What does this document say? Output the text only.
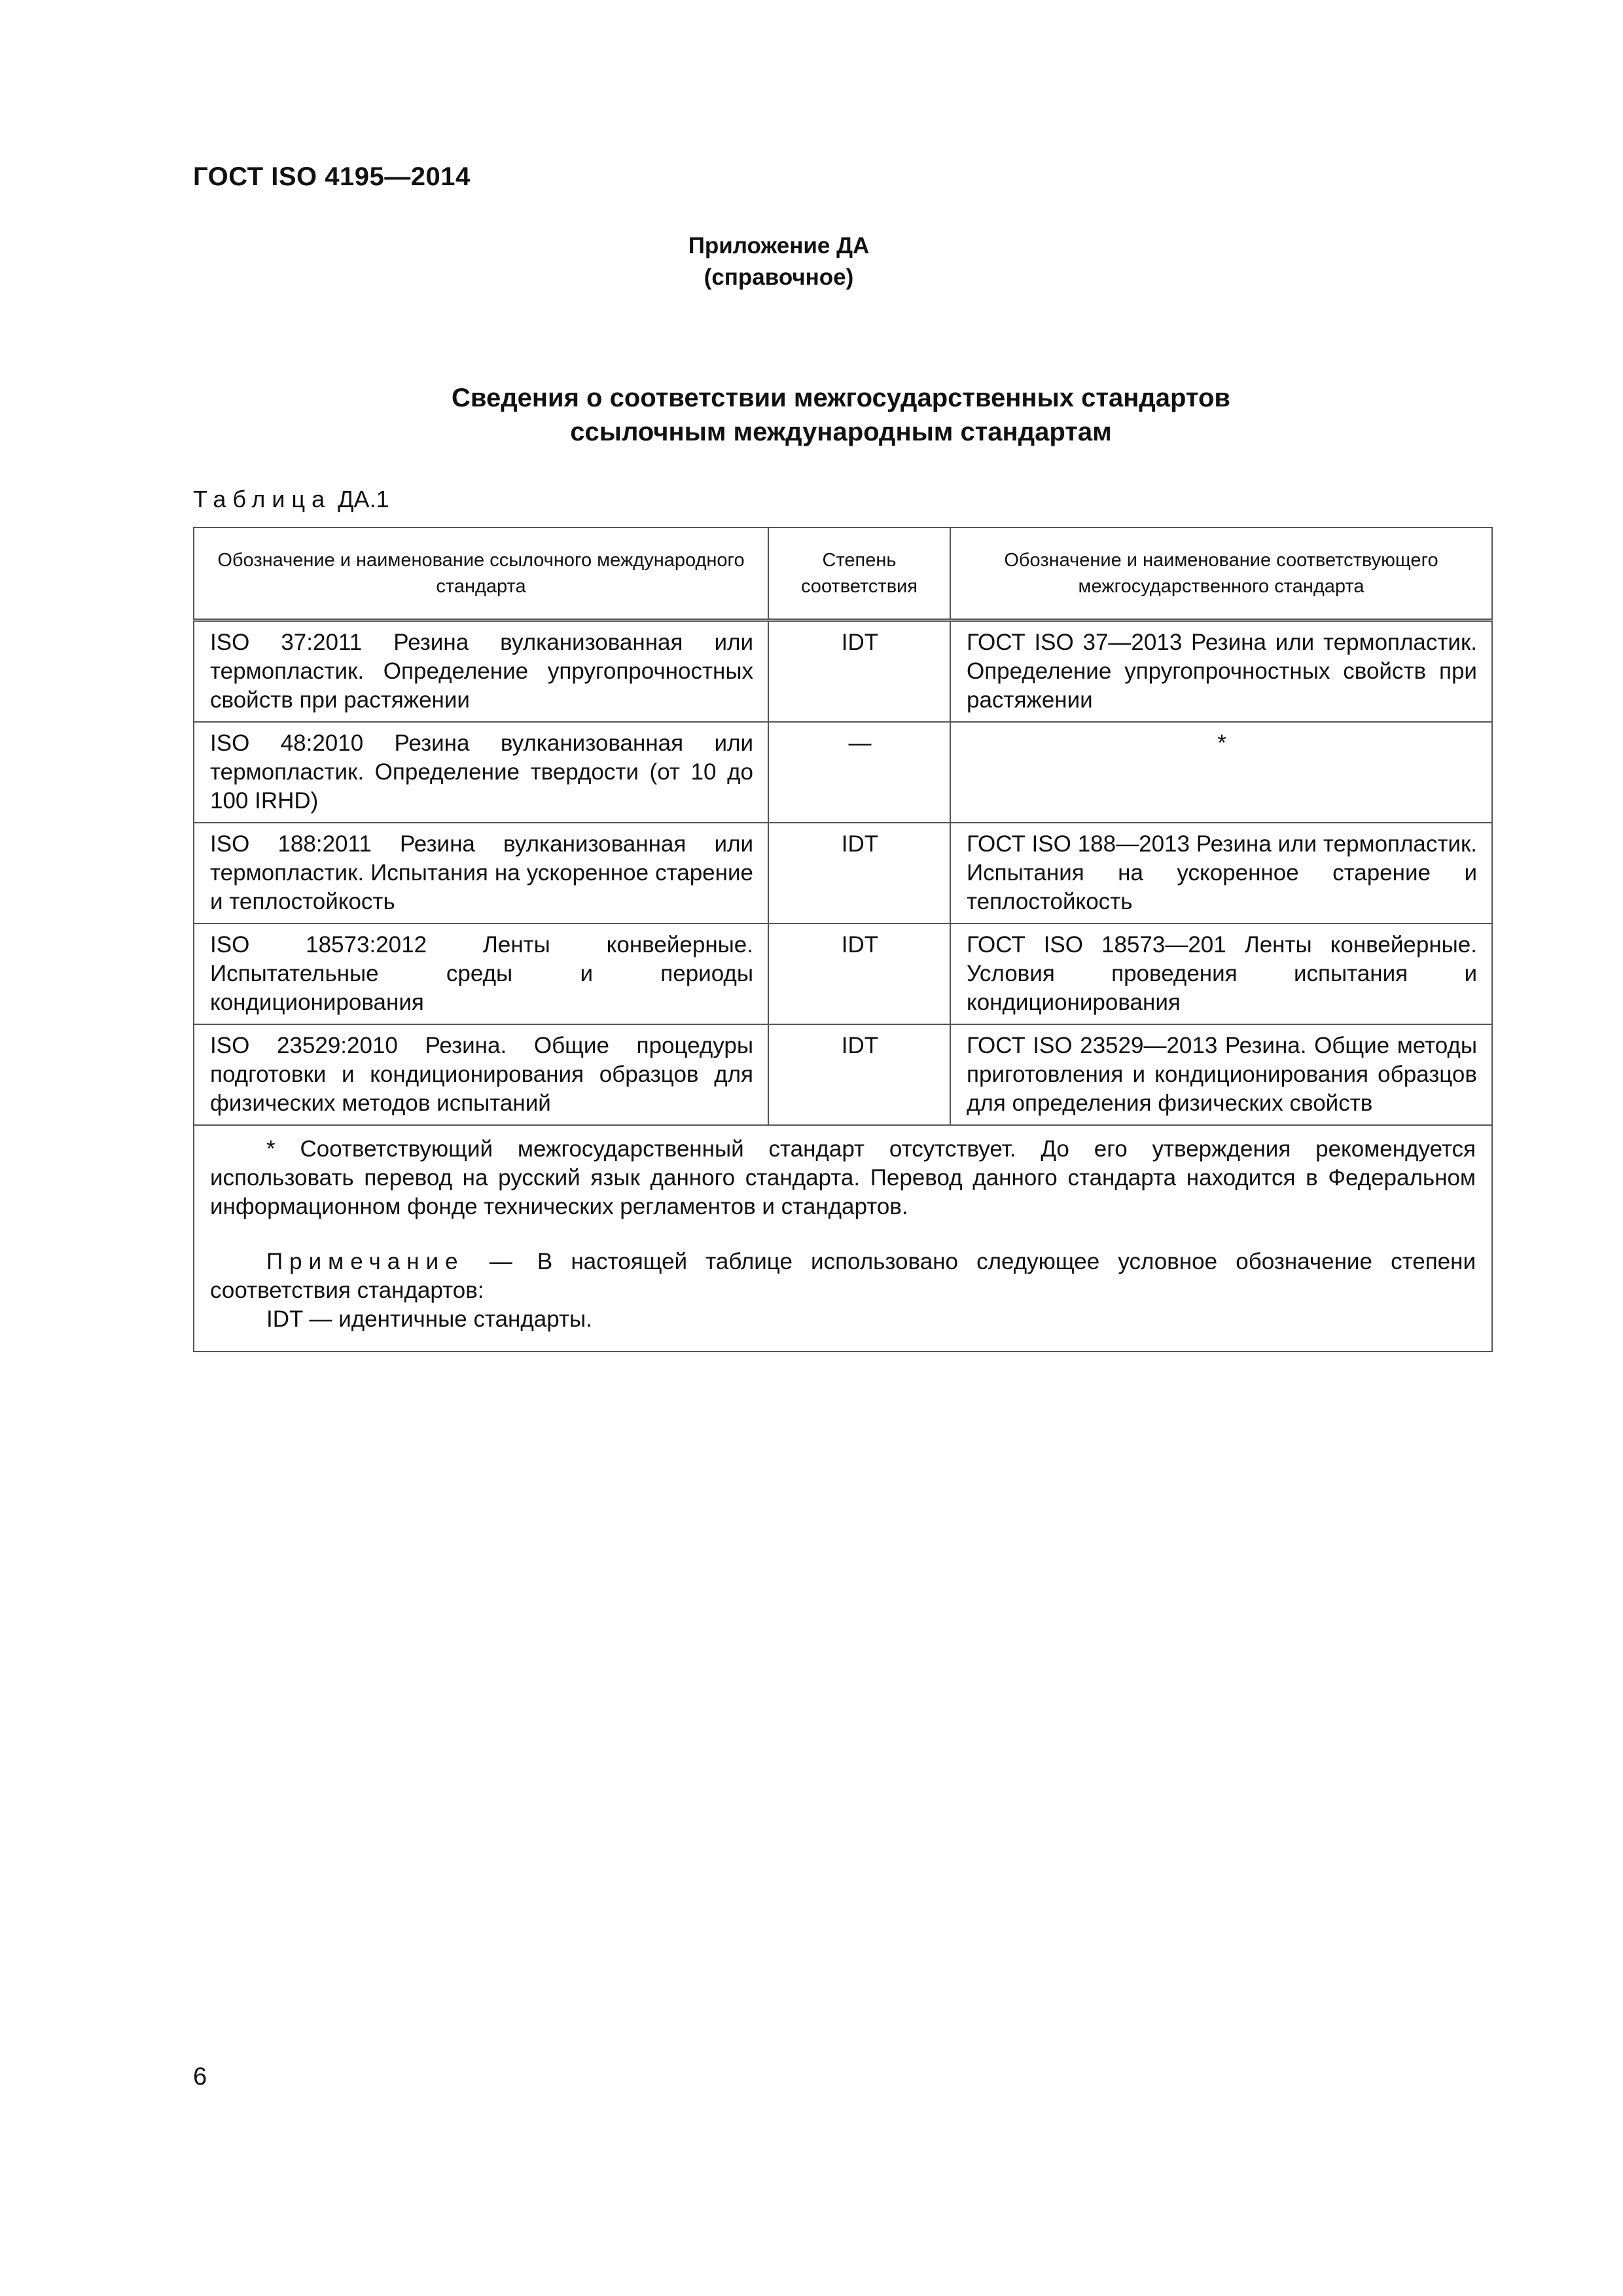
ГОСТ ISO 4195—2014
Приложение ДА
(справочное)
Сведения о соответствии межгосударственных стандартов
ссылочным международным стандартам
Таблица ДА.1
Обозначение и наименование ссылочного международного стандарта	Степень соответствия	Обозначение и наименование соответствующего межгосударственного стандарта
ISO 37:2011 Резина вулканизованная или термопластик. Определение упругопрочностных свойств при растяжении	IDT	ГОСТ ISO 37—2013 Резина или термопластик. Определение упругопрочностных свойств при растяжении
ISO 48:2010 Резина вулканизованная или термопластик. Определение твердости (от 10 до 100 IRHD)	—	*
ISO 188:2011 Резина вулканизованная или термопластик. Испытания на ускоренное старение и теплостойкость	IDT	ГОСТ ISO 188—2013 Резина или термопластик. Испытания на ускоренное старение и теплостойкость
ISO 18573:2012 Ленты конвейерные. Испытательные среды и периоды кондиционирования	IDT	ГОСТ ISO 18573—201 Ленты конвейерные. Условия проведения испытания и кондиционирования
ISO 23529:2010 Резина. Общие процедуры подготовки и кондиционирования образцов для физических методов испытаний	IDT	ГОСТ ISO 23529—2013 Резина. Общие методы приготовления и кондиционирования образцов для определения физических свойств

* Соответствующий межгосударственный стандарт отсутствует. До его утверждения рекомендуется использовать перевод на русский язык данного стандарта. Перевод данного стандарта находится в Федеральном информационном фонде технических регламентов и стандартов.

Примечание — В настоящей таблице использовано следующее условное обозначение степени соответствия стандартов:

IDT — идентичные стандарты.		

6
